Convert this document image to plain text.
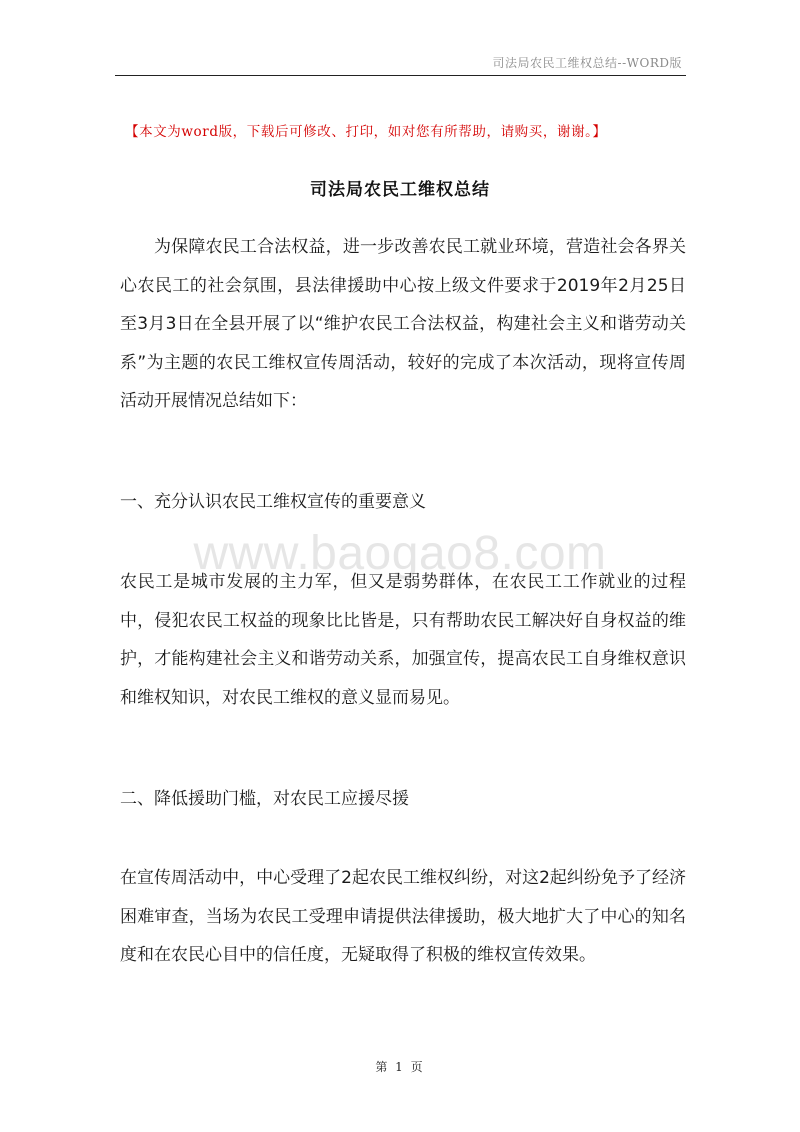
司法局农民工维权总结--WORD版
【本文为word版，下载后可修改、打印，如对您有所帮助，请购买，谢谢。】
司法局农民工维权总结

为保障农民工合法权益，进一步改善农民工就业环境，营造社会各界关心农民工的社会氛围，县法律援助中心按上级文件要求于2019年2月25日至3月3日在全县开展了以“维护农民工合法权益，构建社会主义和谐劳动关系”为主题的农民工维权宣传周活动，较好的完成了本次活动，现将宣传周活动开展情况总结如下：

一、充分认识农民工维权宣传的重要意义
www.baogao8.com

农民工是城市发展的主力军，但又是弱势群体，在农民工工作就业的过程中，侵犯农民工权益的现象比比皆是，只有帮助农民工解决好自身权益的维护，才能构建社会主义和谐劳动关系，加强宣传，提高农民工自身维权意识和维权知识，对农民工维权的意义显而易见。

二、降低援助门槛，对农民工应援尽援

在宣传周活动中，中心受理了2起农民工维权纠纷，对这2起纠纷免予了经济困难审查，当场为农民工受理申请提供法律援助，极大地扩大了中心的知名度和在农民心目中的信任度，无疑取得了积极的维权宣传效果。

第 1 页
